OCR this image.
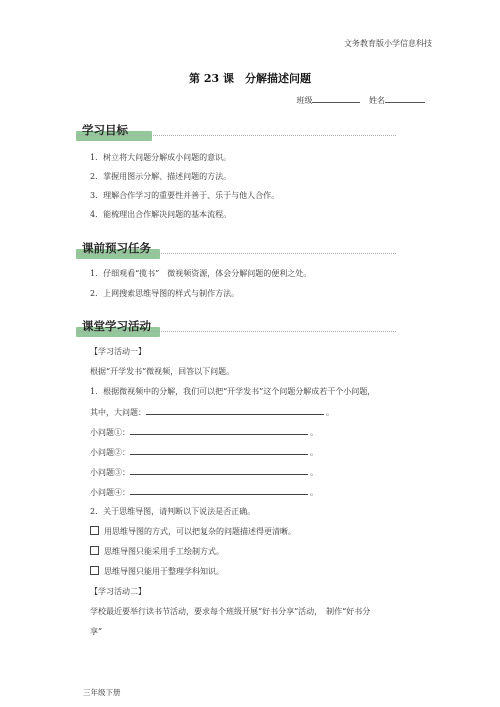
文务教育版小学信息科技
第 23 课　分解描述问题
班级	姓名
学习目标
1．树立将大问题分解成小问题的意识。
2．掌握用图示分解、描述问题的方法。
3．理解合作学习的重要性并善于、乐于与他人合作。
4．能梳理出合作解决问题的基本流程。
课前预习任务
1．仔细观看“揽书”　微视频资源，体会分解问题的便利之处。
2．上网搜索思维导图的样式与制作方法。
课堂学习活动
【学习活动一】
根据“开学发书”微视频，回答以下问题。
1．根据微视频中的分解，我们可以把“开学发书”这个问题分解成若干个小问题，
其中，大问题：	。
小问题①：	。
小问题②：	。
小问题③：	。
小问题④：	。
2．关于思维导图，请判断以下说法是否正确。
用思维导图的方式，可以把复杂的问题描述得更清晰。
思维导图只能采用手工绘制方式。
思维导图只能用于整理学科知识。
【学习活动二】
学校最近要举行读书节活动，要求每个班级开展“好书分享”活动，　制作“好书分
享”
三年级下册
